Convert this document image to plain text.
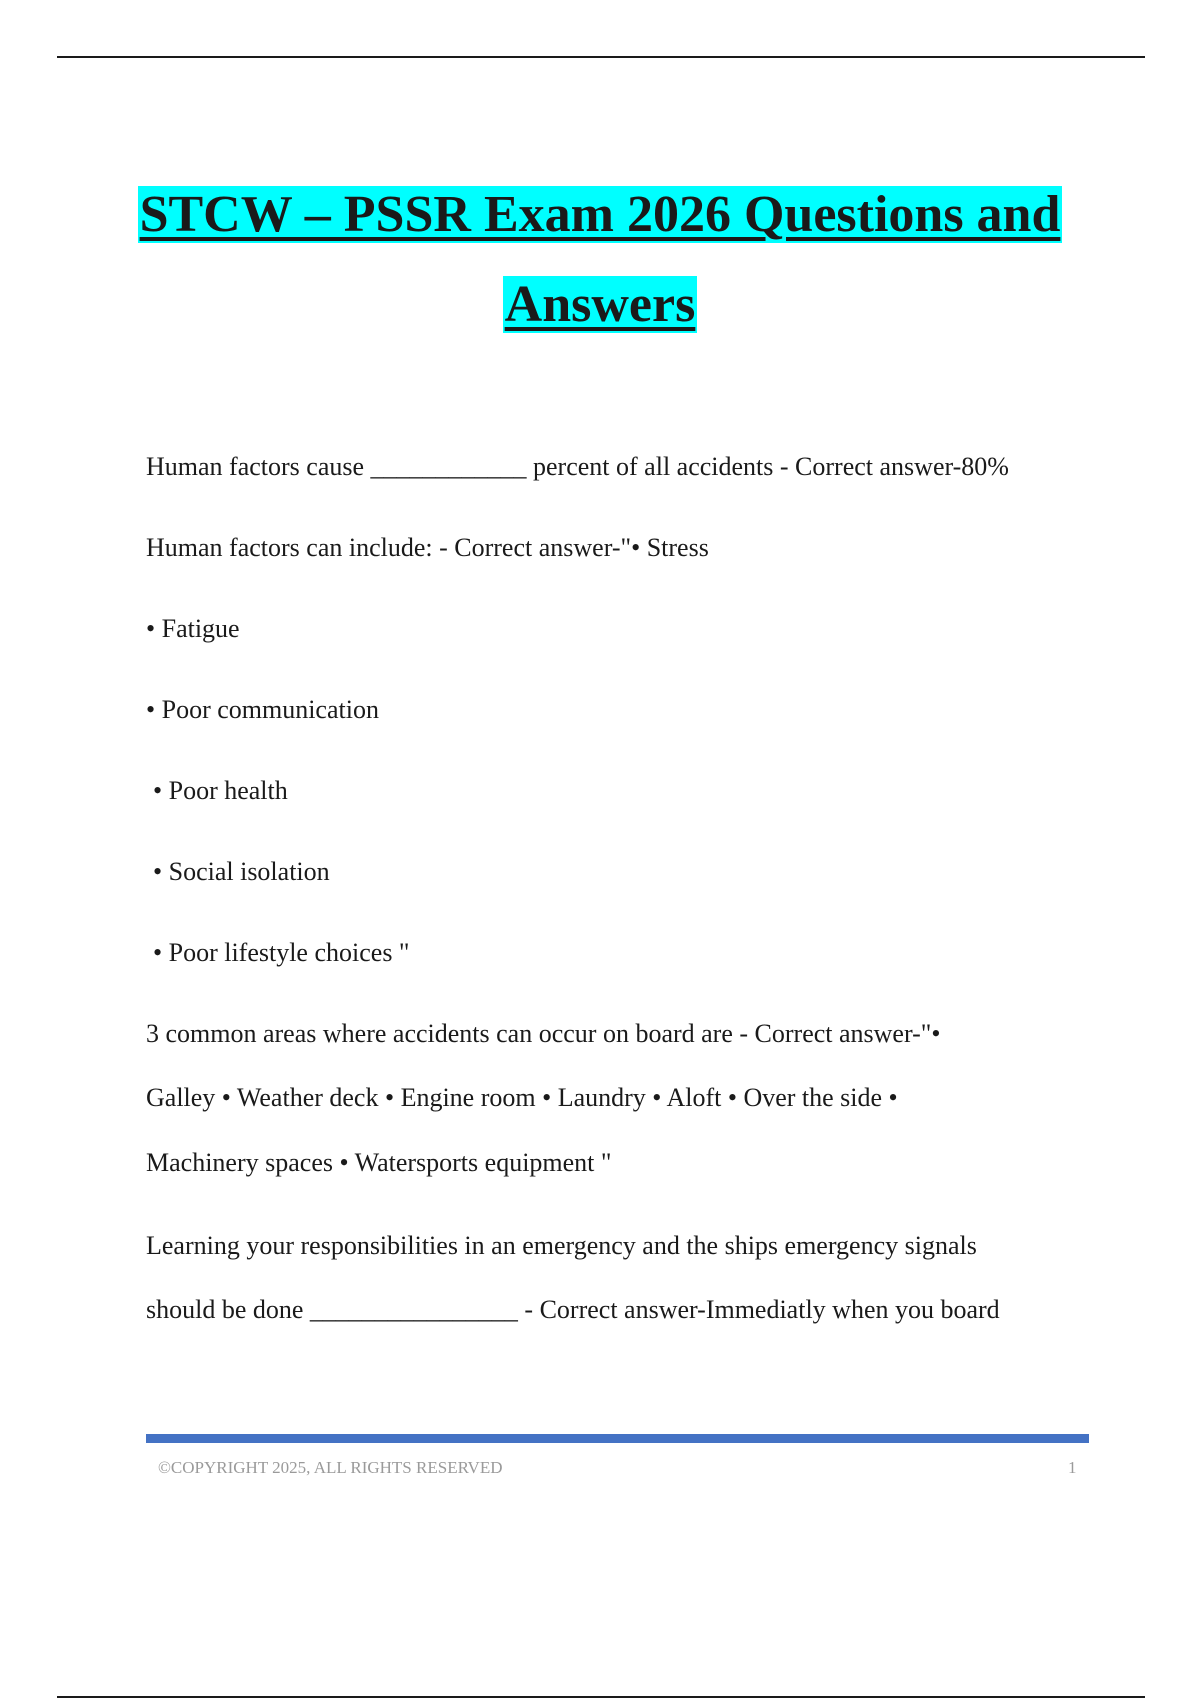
STCW – PSSR Exam 2026 Questions and
Answers
Human factors cause ____________ percent of all accidents - Correct answer-80%
Human factors can include: - Correct answer-"• Stress
• Fatigue
• Poor communication
• Poor health
• Social isolation
• Poor lifestyle choices "
3 common areas where accidents can occur on board are - Correct answer-"•
Galley • Weather deck • Engine room • Laundry • Aloft • Over the side •
Machinery spaces • Watersports equipment "
Learning your responsibilities in an emergency and the ships emergency signals
should be done ________________ - Correct answer-Immediatly when you board
©COPYRIGHT 2025, ALL RIGHTS RESERVED	1
